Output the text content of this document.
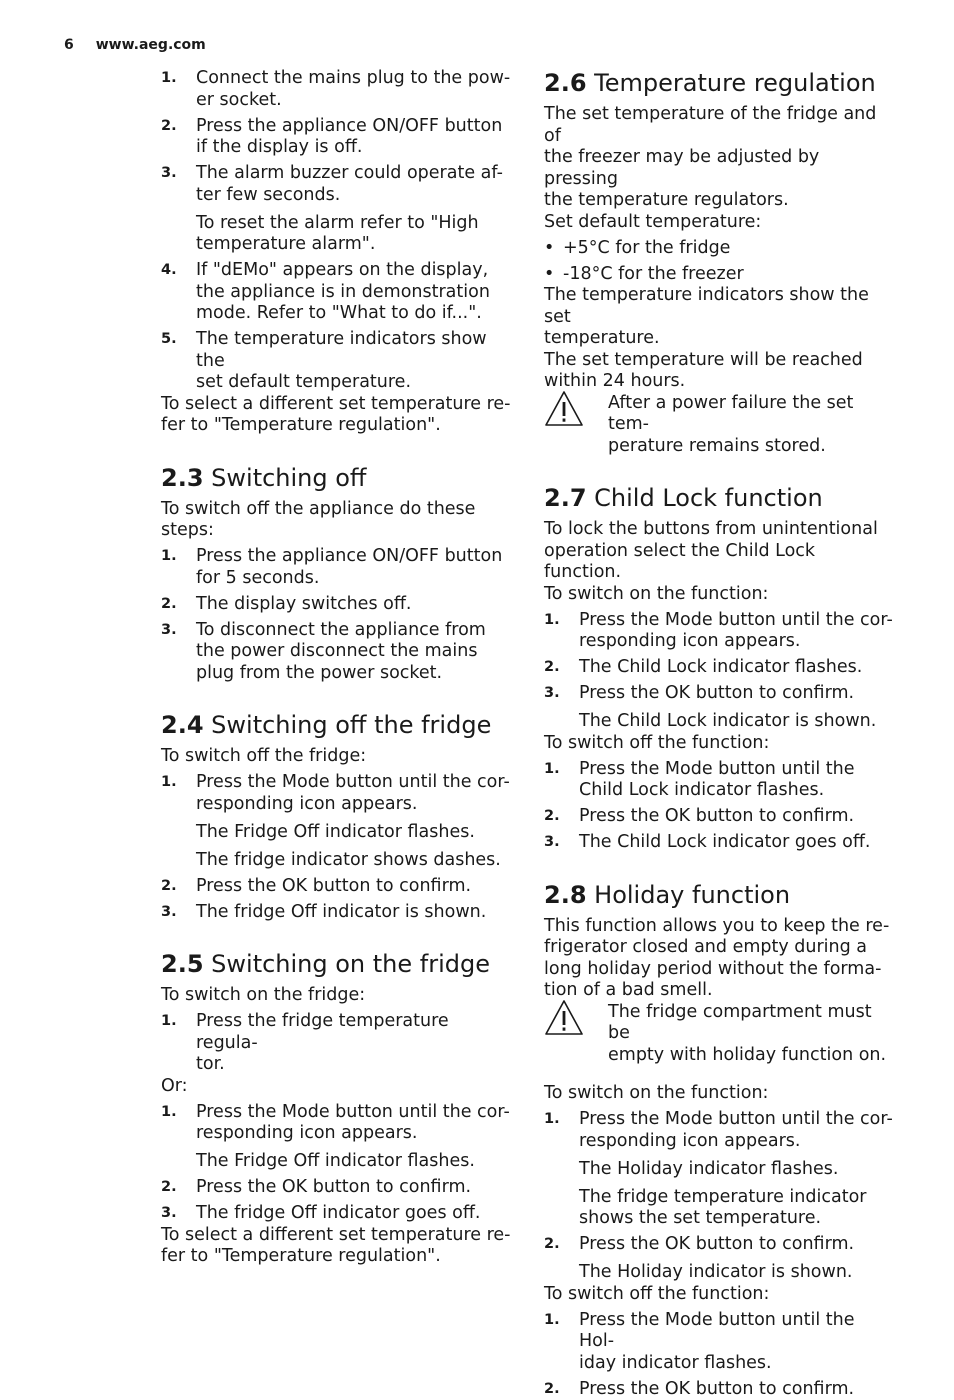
6 www.aeg.com
1. Connect the mains plug to the pow-
er socket.
2. Press the appliance ON/OFF button
if the display is off.
3. The alarm buzzer could operate af-
ter few seconds.
To reset the alarm refer to "High
temperature alarm".
4. If "dEMo" appears on the display,
the appliance is in demonstration
mode. Refer to "What to do if...".
5. The temperature indicators show the
set default temperature.

To select a different set temperature re-
fer to "Temperature regulation".

2.3 Switching off

To switch off the appliance do these
steps:

1. Press the appliance ON/OFF button
for 5 seconds.
2. The display switches off.
3. To disconnect the appliance from
the power disconnect the mains
plug from the power socket.
2.4 Switching off the fridge

To switch off the fridge:

1. Press the Mode button until the cor-
responding icon appears.
The Fridge Off indicator flashes.
The fridge indicator shows dashes.
2. Press the OK button to confirm.
3. The fridge Off indicator is shown.
2.5 Switching on the fridge

To switch on the fridge:

1. Press the fridge temperature regula-
tor.

Or:

1. Press the Mode button until the cor-
responding icon appears.
The Fridge Off indicator flashes.
2. Press the OK button to confirm.
3. The fridge Off indicator goes off.

To select a different set temperature re-
fer to "Temperature regulation".

2.6 Temperature regulation

The set temperature of the fridge and of
the freezer may be adjusted by pressing
the temperature regulators.
Set default temperature:

• +5°C for the fridge
• -18°C for the freezer

The temperature indicators show the set
temperature.
The set temperature will be reached
within 24 hours.

After a power failure the set tem-
perature remains stored.
2.7 Child Lock function

To lock the buttons from unintentional
operation select the Child Lock function.
To switch on the function:

1. Press the Mode button until the cor-
responding icon appears.
2. The Child Lock indicator flashes.
3. Press the OK button to confirm.
The Child Lock indicator is shown.

To switch off the function:

1. Press the Mode button until the
Child Lock indicator flashes.
2. Press the OK button to confirm.
3. The Child Lock indicator goes off.
2.8 Holiday function

This function allows you to keep the re-
frigerator closed and empty during a
long holiday period without the forma-
tion of a bad smell.

The fridge compartment must be
empty with holiday function on.

To switch on the function:

1. Press the Mode button until the cor-
responding icon appears.
The Holiday indicator flashes.
The fridge temperature indicator
shows the set temperature.
2. Press the OK button to confirm.
The Holiday indicator is shown.

To switch off the function:

1. Press the Mode button until the Hol-
iday indicator flashes.
2. Press the OK button to confirm.
